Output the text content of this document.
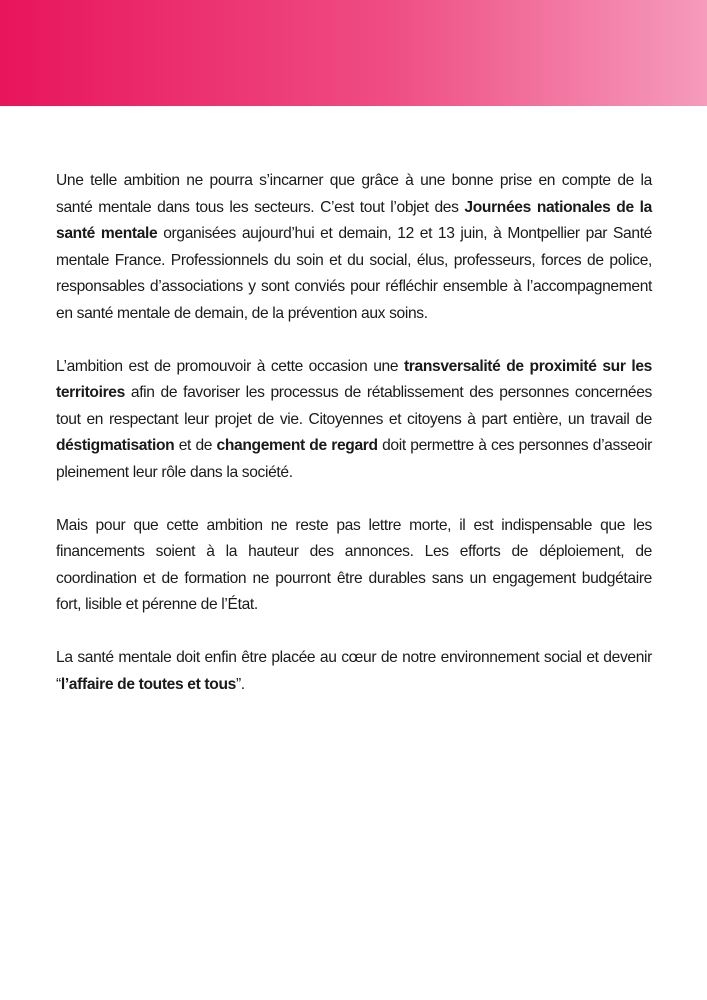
Une telle ambition ne pourra s’incarner que grâce à une bonne prise en compte de la santé mentale dans tous les secteurs. C’est tout l’objet des Journées nationales de la santé mentale organisées aujourd’hui et demain, 12 et 13 juin, à Montpellier par Santé mentale France. Professionnels du soin et du social, élus, professeurs, forces de police, responsables d’associations y sont conviés pour réfléchir ensemble à l’accompagnement en santé mentale de demain, de la prévention aux soins.

L’ambition est de promouvoir à cette occasion une transversalité de proximité sur les territoires afin de favoriser les processus de rétablissement des personnes concernées tout en respectant leur projet de vie. Citoyennes et citoyens à part entière, un travail de déstigmatisation et de changement de regard doit permettre à ces personnes d’asseoir pleinement leur rôle dans la société.

Mais pour que cette ambition ne reste pas lettre morte, il est indispensable que les financements soient à la hauteur des annonces. Les efforts de déploiement, de coordination et de formation ne pourront être durables sans un engagement budgétaire fort, lisible et pérenne de l’État.

La santé mentale doit enfin être placée au cœur de notre environnement social et devenir “l’affaire de toutes et tous”.
